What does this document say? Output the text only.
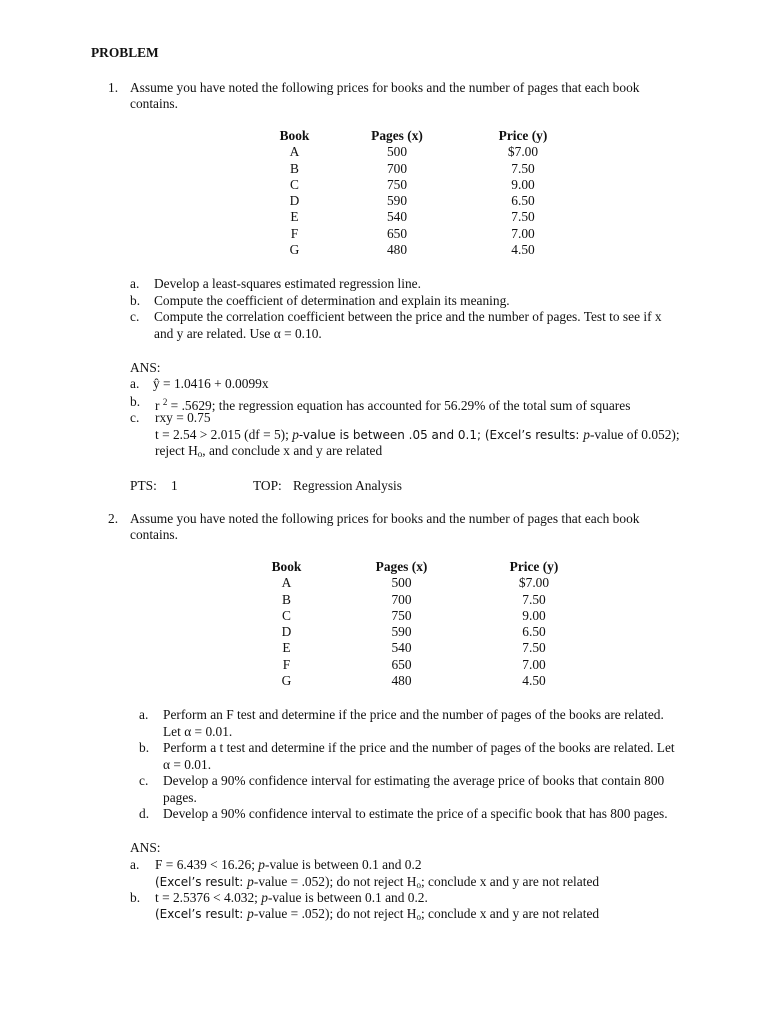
PROBLEM
1. Assume you have noted the following prices for books and the number of pages that each book
contains.
Book	Pages (x)	Price (y)
A	500	$7.00
B	700	7.50
C	750	9.00
D	590	6.50
E	540	7.50
F	650	7.00
G	480	4.50
a. Develop a least-squares estimated regression line.
b. Compute the coefficient of determination and explain its meaning.
c. Compute the correlation coefficient between the price and the number of pages. Test to see if x
and y are related. Use α = 0.10.
ANS:
a. ŷ = 1.0416 + 0.0099x
b. r $^2$ = .5629; the regression equation has accounted for 56.29% of the total sum of squares
c. rxy = 0.75
t = 2.54 > 2.015 (df = 5); p-value is between .05 and 0.1; (Excel’s results: p-value of 0.052);
reject $H_o$, and conclude x and y are related
PTS: 1	TOP: Regression Analysis
2. Assume you have noted the following prices for books and the number of pages that each book
contains.
Book	Pages (x)	Price (y)
A	500	$7.00
B	700	7.50
C	750	9.00
D	590	6.50
E	540	7.50
F	650	7.00
G	480	4.50
a. Perform an F test and determine if the price and the number of pages of the books are related.
Let α = 0.01.
b. Perform a t test and determine if the price and the number of pages of the books are related. Let
α = 0.01.
c. Develop a 90% confidence interval for estimating the average price of books that contain 800
pages.
d. Develop a 90% confidence interval to estimate the price of a specific book that has 800 pages.
ANS:
a. F = 6.439 < 16.26; p-value is between 0.1 and 0.2
(Excel’s result: p-value = .052); do not reject $H_o$; conclude x and y are not related
b. t = 2.5376 < 4.032; p-value is between 0.1 and 0.2.
(Excel’s result: p-value = .052); do not reject $H_o$; conclude x and y are not related
